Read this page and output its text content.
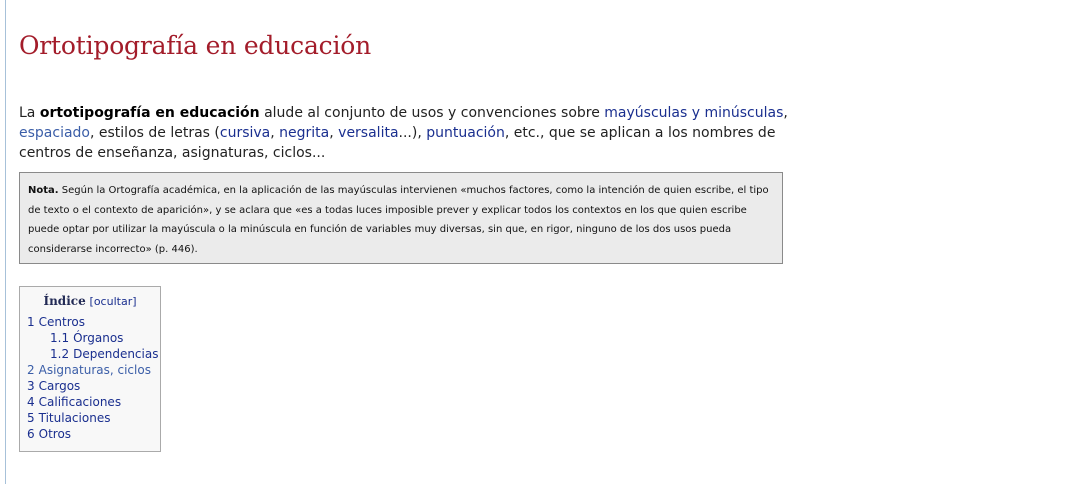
Ortotipografía en educación

La ortotipografía en educación alude al conjunto de usos y convenciones sobre mayúsculas y minúsculas, espaciado, estilos de letras (cursiva, negrita, versalita...), puntuación, etc., que se aplican a los nombres de centros de enseñanza, asignaturas, ciclos...

Nota. Según la Ortografía académica, en la aplicación de las mayúsculas intervienen «muchos factores, como la intención de quien escribe, el tipo de texto o el contexto de aparición», y se aclara que «es a todas luces imposible prever y explicar todos los contextos en los que quien escribe puede optar por utilizar la mayúscula o la minúscula en función de variables muy diversas, sin que, en rigor, ninguno de los dos usos pueda considerarse incorrecto» (p. 446).
Índice [ocultar]
1 Centros
1.1 Órganos
1.2 Dependencias
2 Asignaturas, ciclos
3 Cargos
4 Calificaciones
5 Titulaciones
6 Otros
